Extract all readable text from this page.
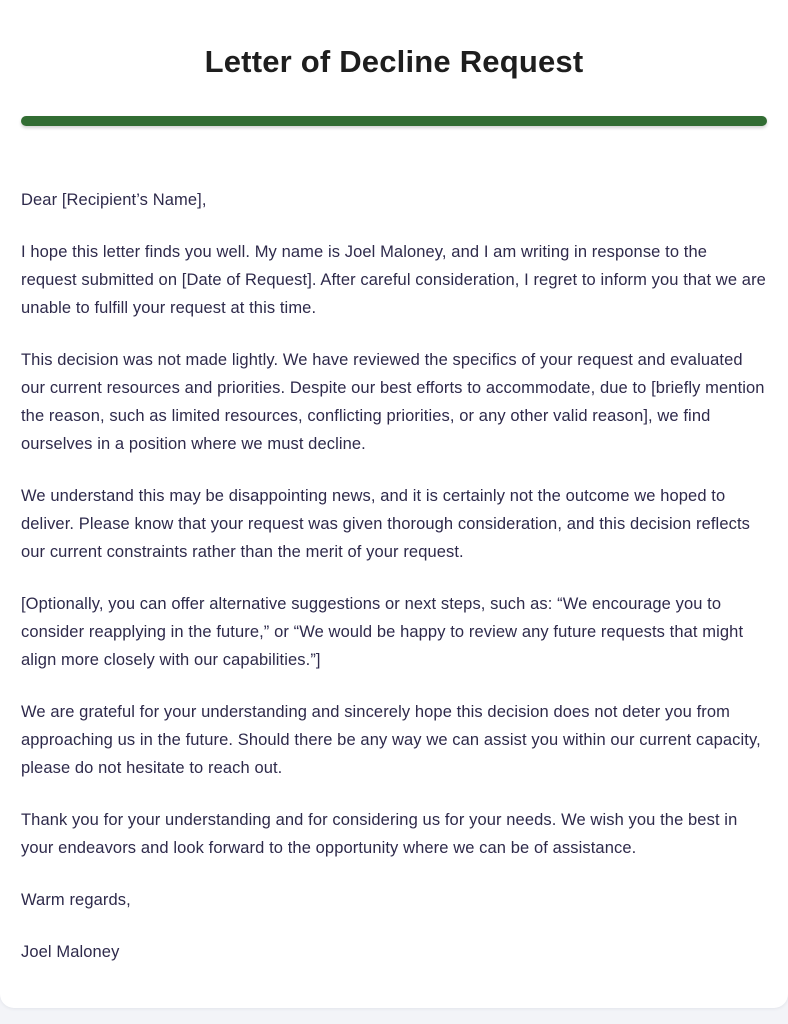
Letter of Decline Request

Dear [Recipient’s Name],

I hope this letter finds you well. My name is Joel Maloney, and I am writing in response to the request submitted on [Date of Request]. After careful consideration, I regret to inform you that we are unable to fulfill your request at this time.

This decision was not made lightly. We have reviewed the specifics of your request and evaluated our current resources and priorities. Despite our best efforts to accommodate, due to [briefly mention the reason, such as limited resources, conflicting priorities, or any other valid reason], we find ourselves in a position where we must decline.

We understand this may be disappointing news, and it is certainly not the outcome we hoped to deliver. Please know that your request was given thorough consideration, and this decision reflects our current constraints rather than the merit of your request.

[Optionally, you can offer alternative suggestions or next steps, such as: “We encourage you to consider reapplying in the future,” or “We would be happy to review any future requests that might align more closely with our capabilities.”]

We are grateful for your understanding and sincerely hope this decision does not deter you from approaching us in the future. Should there be any way we can assist you within our current capacity, please do not hesitate to reach out.

Thank you for your understanding and for considering us for your needs. We wish you the best in your endeavors and look forward to the opportunity where we can be of assistance.

Warm regards,

Joel Maloney
